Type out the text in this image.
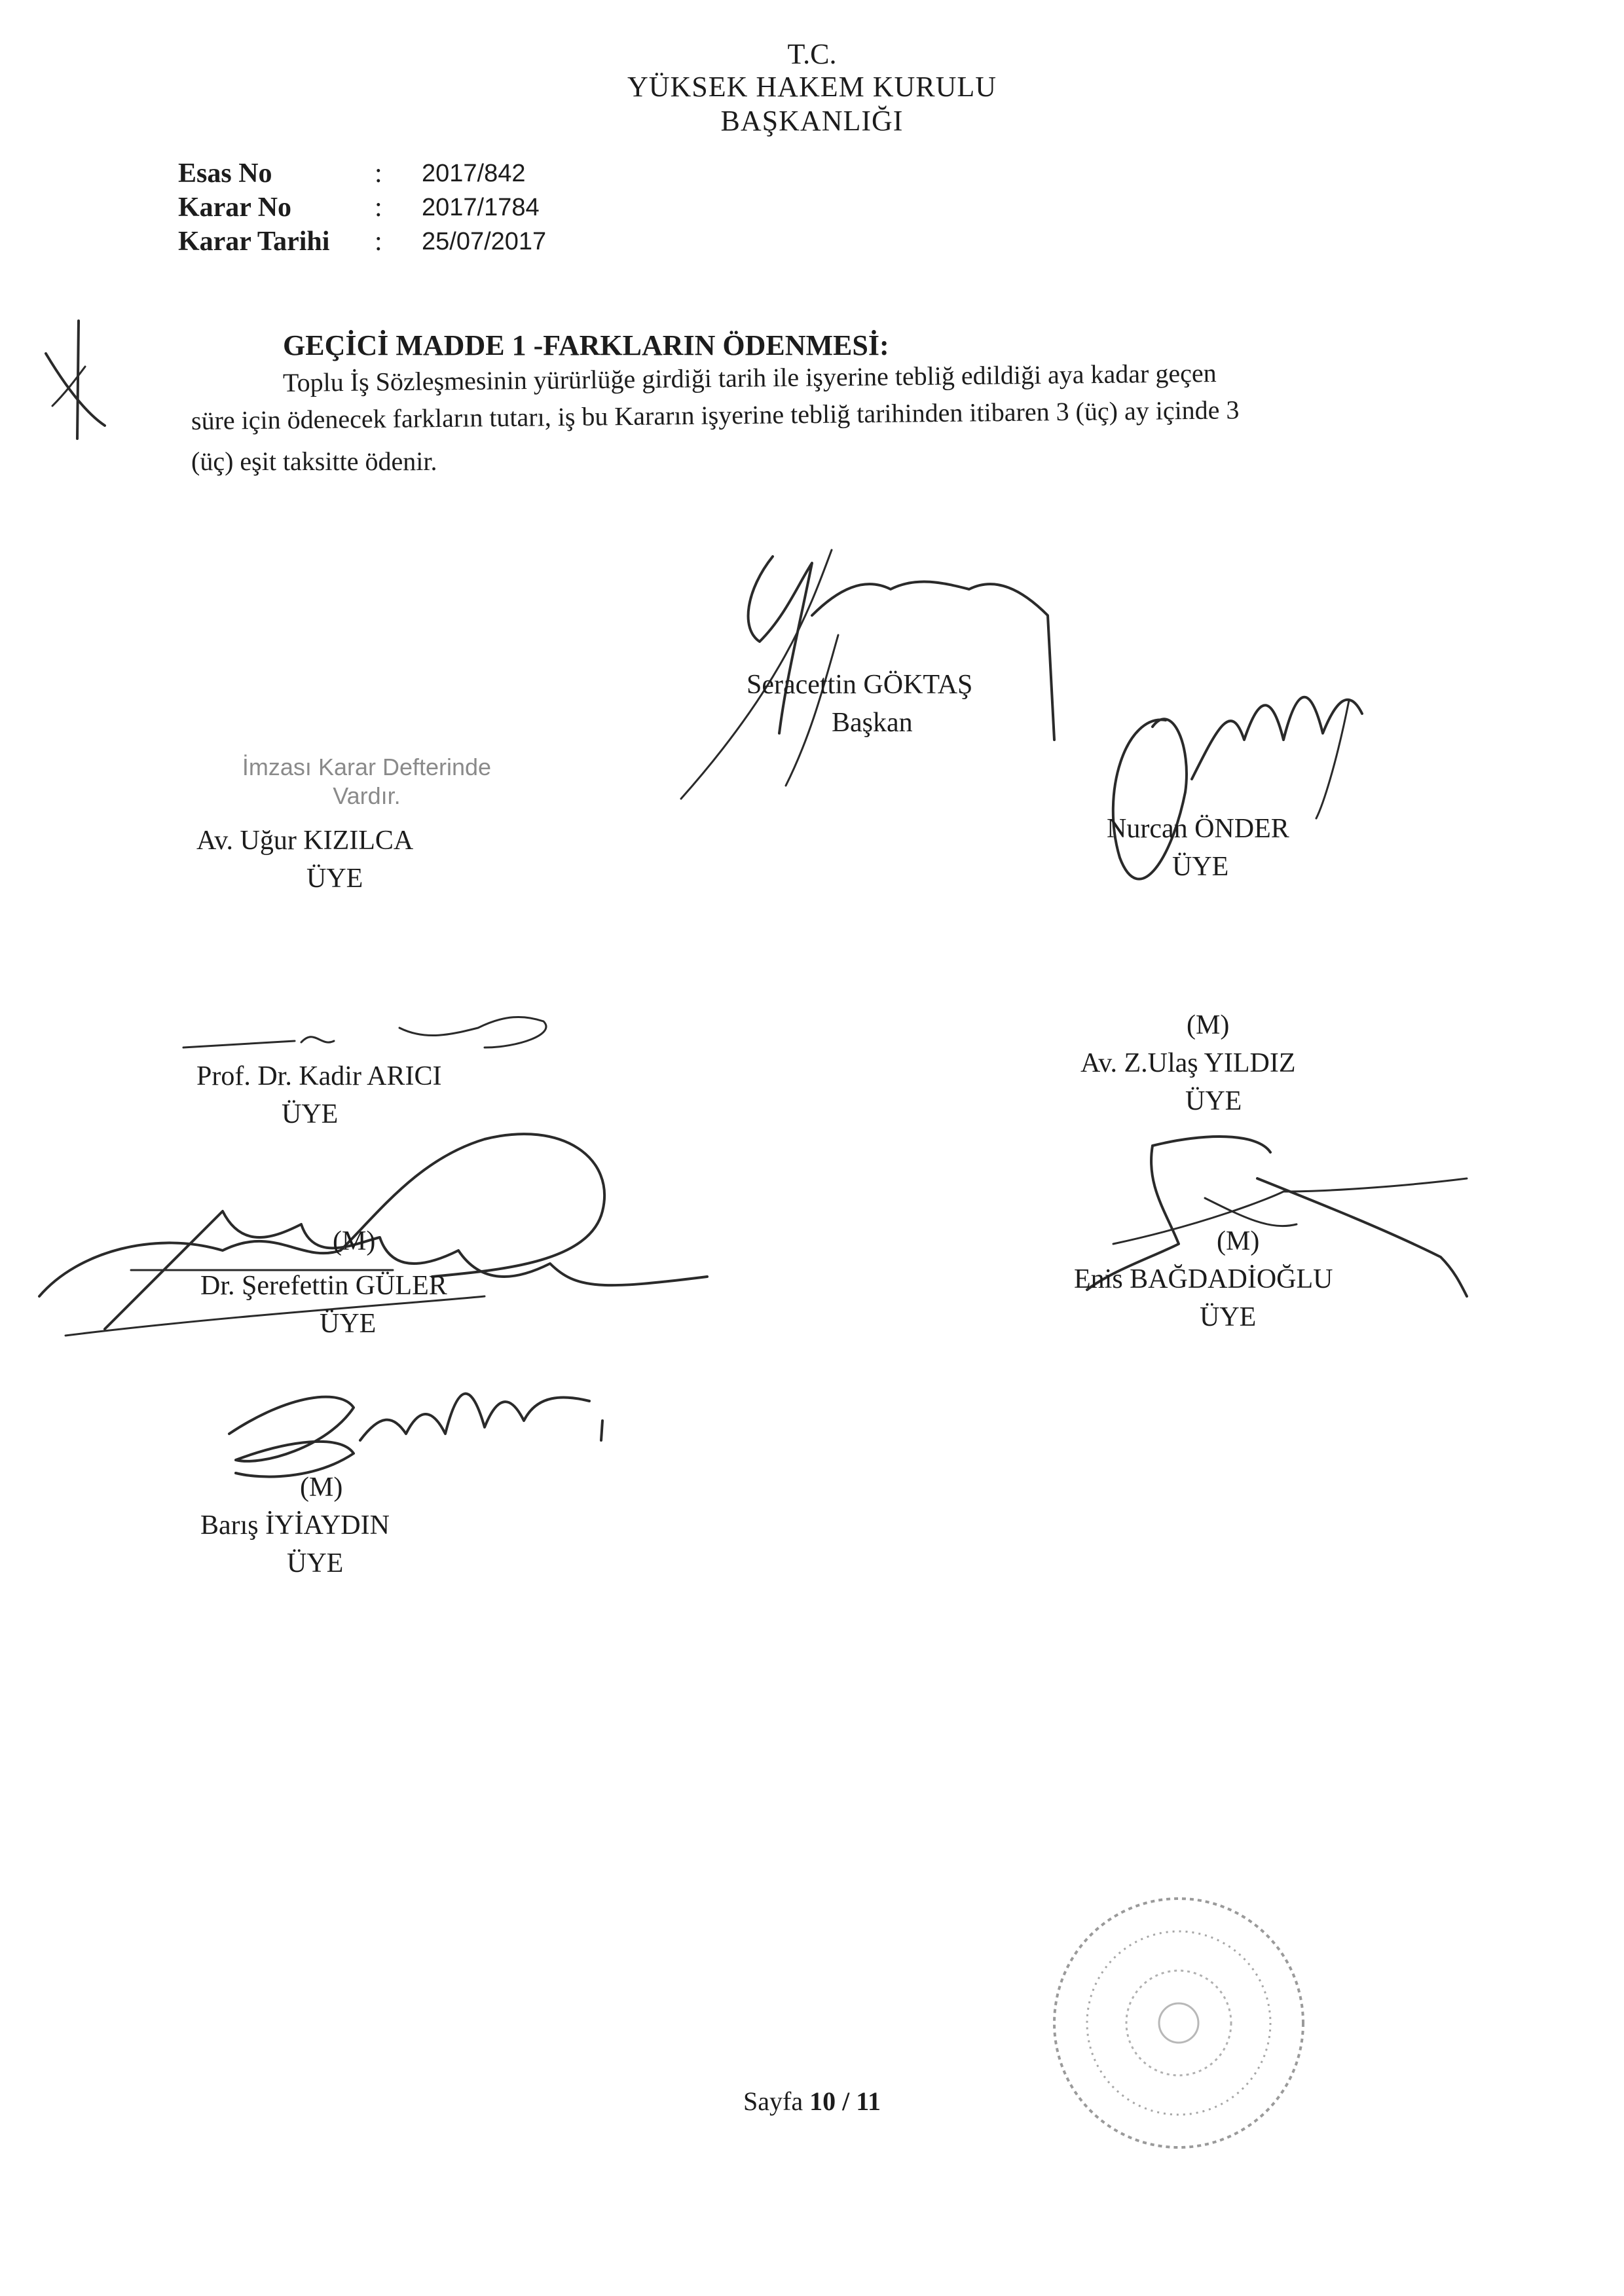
T.C.
YÜKSEK HAKEM KURULU
BAŞKANLIĞI
Esas No	: 2017/842
Karar No	: 2017/1784
Karar Tarihi : 25/07/2017
GEÇİCİ MADDE 1 -FARKLARIN ÖDENMESİ:
Toplu İş Sözleşmesinin yürürlüğe girdiği tarih ile işyerine tebliğ edildiği aya kadar geçen
süre için ödenecek farkların tutarı, iş bu Kararın işyerine tebliğ tarihinden itibaren 3 (üç) ay içinde 3
(üç) eşit taksitte ödenir.
Seracettin GÖKTAŞ
Başkan
İmzası Karar Defterinde
Vardır.
Av. Uğur KIZILCA
ÜYE
Nurcan ÖNDER
ÜYE
Prof. Dr. Kadir ARICI
ÜYE
(M)
Av. Z.Ulaş YILDIZ
ÜYE
(M)
Dr. Şerefettin GÜLER
ÜYE
(M)
Enis BAĞDADİOĞLU
ÜYE
(M)
Barış İYİAYDIN
ÜYE
Sayfa 10 / 11
